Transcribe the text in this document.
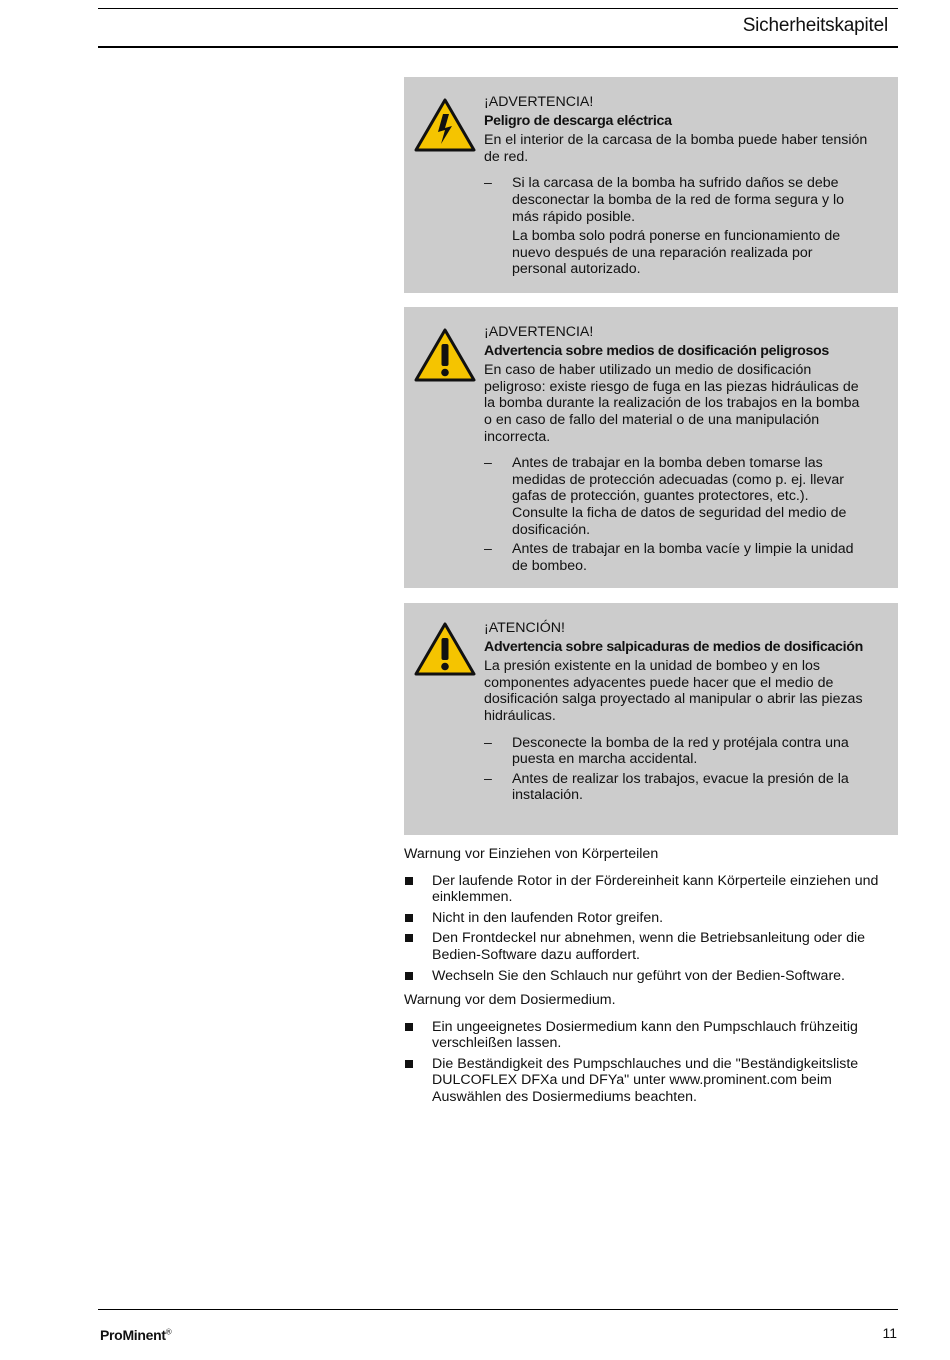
Sicherheitskapitel
¡ADVERTENCIA!
Peligro de descarga eléctrica

En el interior de la carcasa de la bomba puede haber tensión de red.

– Si la carcasa de la bomba ha sufrido daños se debe desconectar la bomba de la red de forma segura y lo más rápido posible.

La bomba solo podrá ponerse en funcionamiento de nuevo después de una reparación realizada por personal autorizado.

¡ADVERTENCIA!
Advertencia sobre medios de dosificación peligrosos

En caso de haber utilizado un medio de dosificación peligroso: existe riesgo de fuga en las piezas hidráulicas de la bomba durante la realización de los trabajos en la bomba o en caso de fallo del material o de una manipulación incorrecta.

– Antes de trabajar en la bomba deben tomarse las medidas de protección adecuadas (como p. ej. llevar gafas de protección, guantes protectores, etc.). Consulte la ficha de datos de seguridad del medio de dosificación.

– Antes de trabajar en la bomba vacíe y limpie la unidad de bombeo.

¡ATENCIÓN!
Advertencia sobre salpicaduras de medios de dosificación

La presión existente en la unidad de bombeo y en los componentes adyacentes puede hacer que el medio de dosificación salga proyectado al manipular o abrir las piezas hidráulicas.

– Desconecte la bomba de la red y protéjala contra una puesta en marcha accidental.

– Antes de realizar los trabajos, evacue la presión de la instalación.

Warnung vor Einziehen von Körperteilen

Der laufende Rotor in der Fördereinheit kann Körperteile einziehen und einklemmen.
Nicht in den laufenden Rotor greifen.
Den Frontdeckel nur abnehmen, wenn die Betriebsanleitung oder die Bedien-Software dazu auffordert.
Wechseln Sie den Schlauch nur geführt von der Bedien-Software.

Warnung vor dem Dosiermedium.

Ein ungeeignetes Dosiermedium kann den Pumpschlauch frühzeitig verschleißen lassen.
Die Beständigkeit des Pumpschlauches und die "Beständigkeitsliste DULCOFLEX DFXa und DFYa" unter www.prominent.com beim Auswählen des Dosiermediums beachten.
ProMinent®	11
